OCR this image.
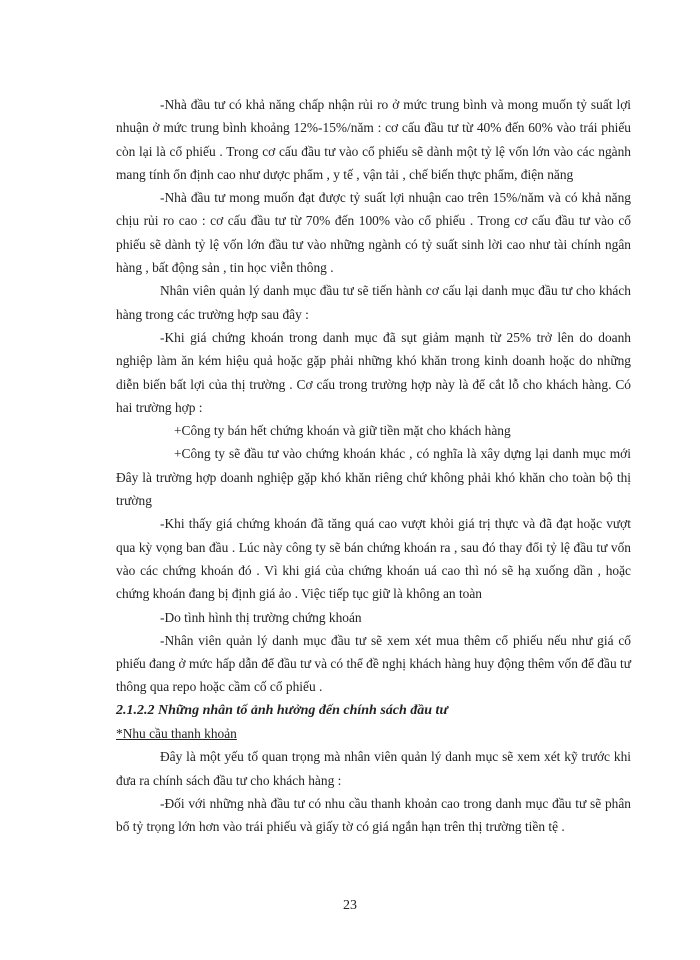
-Nhà đầu tư có khả năng chấp nhận rủi ro ở mức trung bình và mong muốn tỷ suất lợi nhuận ở mức trung bình khoảng 12%-15%/năm : cơ cấu đầu tư từ 40% đến 60% vào trái phiếu còn lại là cổ phiếu . Trong cơ cấu đầu tư vào cổ phiếu sẽ dành một tỷ lệ vốn lớn vào các ngành mang tính ổn định cao như dược phẩm , y tế , vận tải , chế biến thực phẩm, điện năng

-Nhà đầu tư mong muốn đạt được tỷ suất lợi nhuận cao trên 15%/năm và có khả năng chịu rủi ro cao : cơ cấu đầu tư từ 70% đến 100% vào cổ phiếu . Trong cơ cấu đầu tư vào cổ phiếu sẽ dành tỷ lệ vốn lớn đầu tư vào những ngành có tỷ suất sinh lời cao như tài chính ngân hàng , bất động sản , tin học viễn thông .

Nhân viên quản lý danh mục đầu tư sẽ tiến hành cơ cấu lại danh mục đầu tư cho khách hàng trong các trường hợp sau đây :

-Khi giá chứng khoán trong danh mục đã sụt giảm mạnh từ 25% trở lên do doanh nghiệp làm ăn kém hiệu quả hoặc gặp phải những khó khăn trong kinh doanh hoặc do những diễn biến bất lợi của thị trường . Cơ cấu trong trường hợp này là để cắt lỗ cho khách hàng. Có hai trường hợp :

+Công ty bán hết chứng khoán và giữ tiền mặt cho khách hàng

+Công ty sẽ đầu tư vào chứng khoán khác , có nghĩa là xây dựng lại danh mục mới Đây là trường hợp doanh nghiệp gặp khó khăn riêng chứ không phải khó khăn cho toàn bộ thị trường

-Khi thấy giá chứng khoán đã tăng quá cao vượt khỏi giá trị thực và đã đạt hoặc vượt qua kỳ vọng ban đầu . Lúc này công ty sẽ bán chứng khoán ra , sau đó thay đổi tỷ lệ đầu tư vốn vào các chứng khoán đó . Vì khi giá của chứng khoán uá cao thì nó sẽ hạ xuống dần , hoặc chứng khoán đang bị định giá ảo . Việc tiếp tục giữ là không an toàn

-Do tình hình thị trường chứng khoán

-Nhân viên quản lý danh mục đầu tư sẽ xem xét mua thêm cổ phiếu nếu như giá cổ phiếu đang ở mức hấp dẫn để đầu tư và có thể đề nghị khách hàng huy động thêm vốn để đầu tư thông qua repo hoặc cầm cố cổ phiếu .

2.1.2.2 Những nhân tố ảnh hưởng đến chính sách đầu tư

*Nhu cầu thanh khoản

Đây là một yếu tố quan trọng mà nhân viên quản lý danh mục sẽ xem xét kỹ trước khi đưa ra chính sách đầu tư cho khách hàng :

-Đối với những nhà đầu tư có nhu cầu thanh khoản cao trong danh mục đầu tư sẽ phân bổ tỷ trọng lớn hơn vào trái phiếu và giấy tờ có giá ngắn hạn trên thị trường tiền tệ .

23
